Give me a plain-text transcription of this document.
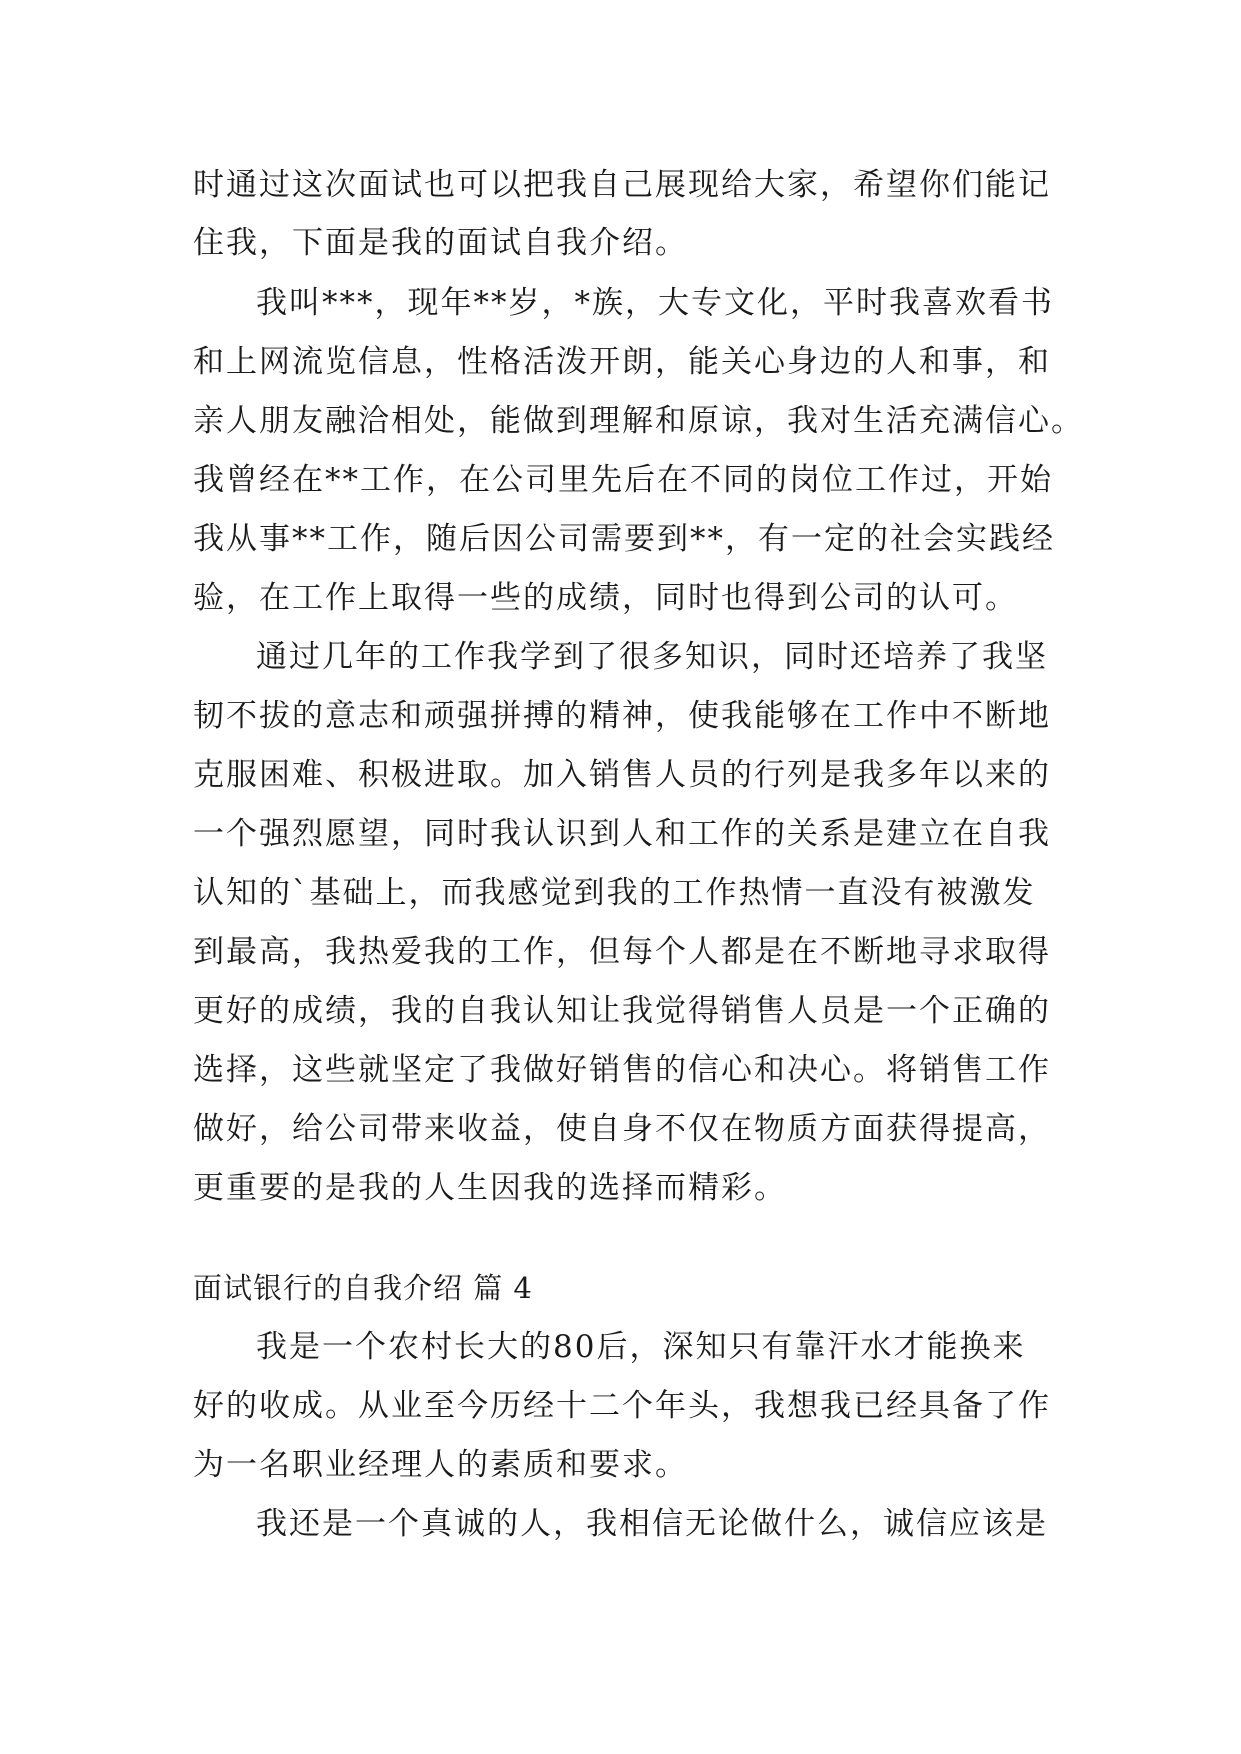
时通过这次面试也可以把我自己展现给大家，希望你们能记

住我，下面是我的面试自我介绍。

我叫***，现年**岁，*族，大专文化，平时我喜欢看书

和上网流览信息，性格活泼开朗，能关心身边的人和事，和

亲人朋友融洽相处，能做到理解和原谅，我对生活充满信心。

我曾经在**工作，在公司里先后在不同的岗位工作过，开始

我从事**工作，随后因公司需要到**，有一定的社会实践经

验，在工作上取得一些的成绩，同时也得到公司的认可。

通过几年的工作我学到了很多知识，同时还培养了我坚

韧不拔的意志和顽强拼搏的精神，使我能够在工作中不断地

克服困难、积极进取。加入销售人员的行列是我多年以来的

一个强烈愿望，同时我认识到人和工作的关系是建立在自我

认知的`基础上，而我感觉到我的工作热情一直没有被激发

到最高，我热爱我的工作，但每个人都是在不断地寻求取得

更好的成绩，我的自我认知让我觉得销售人员是一个正确的

选择，这些就坚定了我做好销售的信心和决心。将销售工作

做好，给公司带来收益，使自身不仅在物质方面获得提高，

更重要的是我的人生因我的选择而精彩。

面试银行的自我介绍 篇 4

我是一个农村长大的80后，深知只有靠汗水才能换来

好的收成。从业至今历经十二个年头，我想我已经具备了作

为一名职业经理人的素质和要求。

我还是一个真诚的人，我相信无论做什么，诚信应该是
